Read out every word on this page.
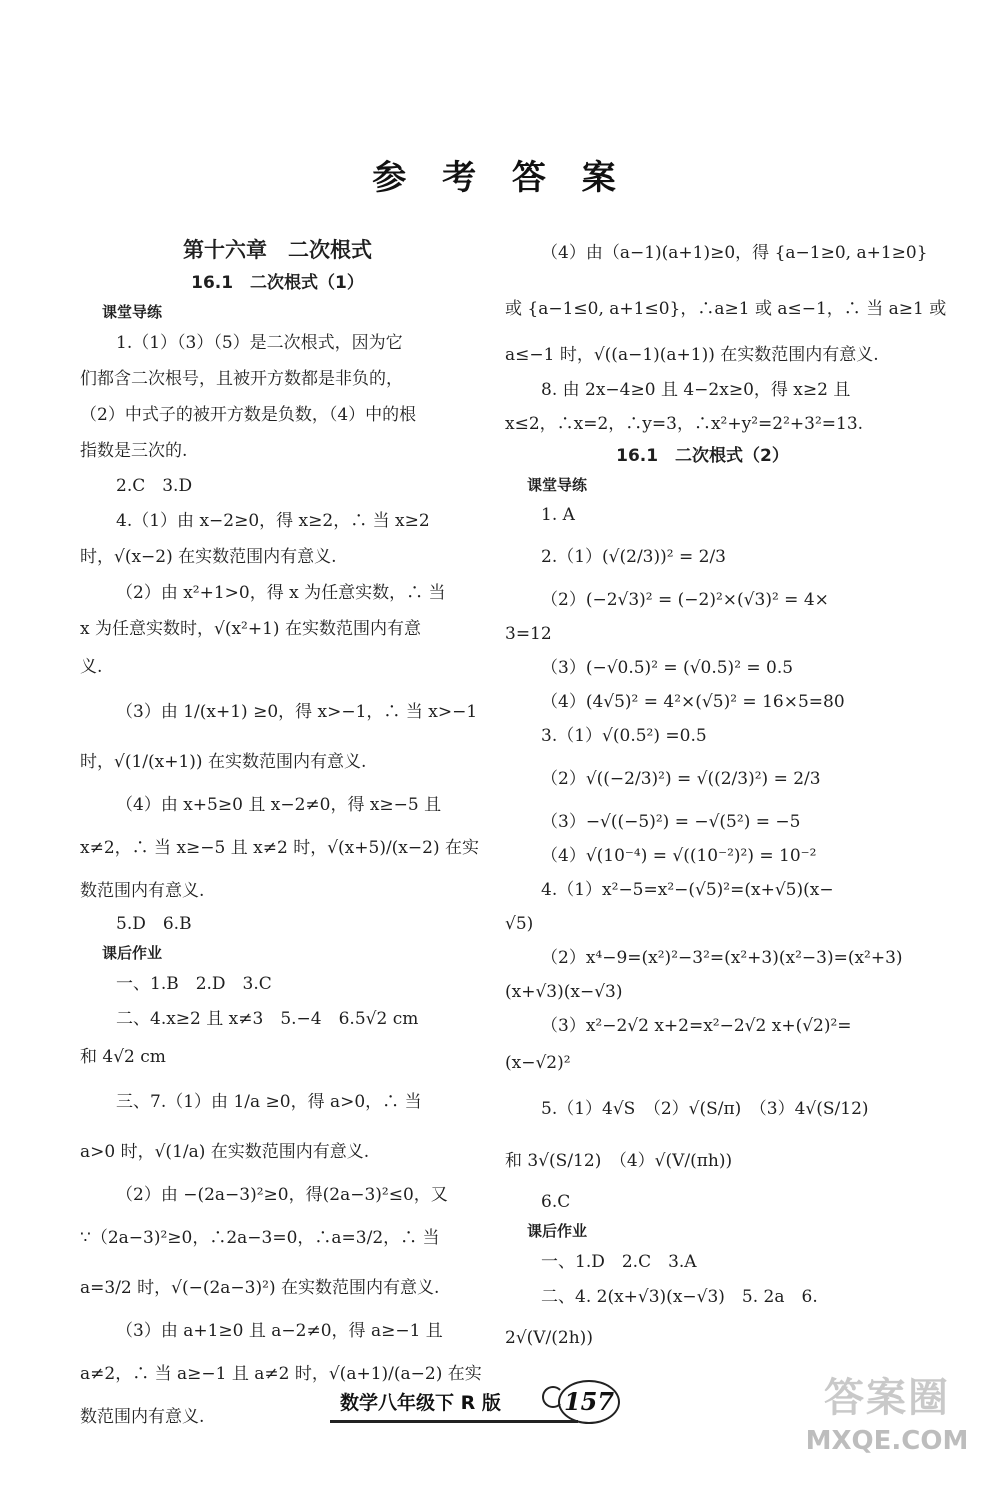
参 考 答 案
第十六章　二次根式
16.1　二次根式（1）
课堂导练
1.（1）（3）（5）是二次根式，因为它
们都含二次根号，且被开方数都是非负的，
（2）中式子的被开方数是负数，（4）中的根
指数是三次的.
2.C　3.D
4.（1）由 x−2≥0，得 x≥2，∴ 当 x≥2
时，√(x−2) 在实数范围内有意义.
（2）由 x²+1>0，得 x 为任意实数，∴ 当
x 为任意实数时，√(x²+1) 在实数范围内有意
义.
（3）由 1/(x+1) ≥0，得 x>−1，∴ 当 x>−1
时，√(1/(x+1)) 在实数范围内有意义.
（4）由 x+5≥0 且 x−2≠0，得 x≥−5 且
x≠2，∴ 当 x≥−5 且 x≠2 时，√(x+5)/(x−2) 在实
数范围内有意义.
5.D　6.B
课后作业
一、1.B　2.D　3.C
二、4.x≥2 且 x≠3　5.−4　6.5√2 cm
和 4√2 cm
三、7.（1）由 1/a ≥0，得 a>0，∴ 当
a>0 时，√(1/a) 在实数范围内有意义.
（2）由 −(2a−3)²≥0，得(2a−3)²≤0，又
∵（2a−3)²≥0，∴2a−3=0，∴a=3/2，∴ 当
a=3/2 时，√(−(2a−3)²) 在实数范围内有意义.
（3）由 a+1≥0 且 a−2≠0，得 a≥−1 且
a≠2，∴ 当 a≥−1 且 a≠2 时，√(a+1)/(a−2) 在实
数范围内有意义.
（4）由（a−1)(a+1)≥0，得 {a−1≥0, a+1≥0}
或 {a−1≤0, a+1≤0}，∴a≥1 或 a≤−1，∴ 当 a≥1 或
a≤−1 时，√((a−1)(a+1)) 在实数范围内有意义.
8. 由 2x−4≥0 且 4−2x≥0，得 x≥2 且
x≤2，∴x=2，∴y=3，∴x²+y²=2²+3²=13.
16.1　二次根式（2）
课堂导练
1. A
2.（1）(√(2/3))² = 2/3
（2）(−2√3)² = (−2)²×(√3)² = 4×
3=12
（3）(−√0.5)² = (√0.5)² = 0.5
（4）(4√5)² = 4²×(√5)² = 16×5=80
3.（1）√(0.5²) =0.5
（2）√((−2/3)²) = √((2/3)²) = 2/3
（3）−√((−5)²) = −√(5²) = −5
（4）√(10⁻⁴) = √((10⁻²)²) = 10⁻²
4.（1）x²−5=x²−(√5)²=(x+√5)(x−
√5)
（2）x⁴−9=(x²)²−3²=(x²+3)(x²−3)=(x²+3)
(x+√3)(x−√3)
（3）x²−2√2 x+2=x²−2√2 x+(√2)²=
(x−√2)²
5.（1）4√S　（2）√(S/π)　（3）4√(S/12)
和 3√(S/12)　（4）√(V/(πh))
6.C
课后作业
一、1.D　2.C　3.A
二、4. 2(x+√3)(x−√3)　5. 2a　6.
2√(V/(2h))
数学八年级下 R 版	157	答案圈
MXQE.COM
